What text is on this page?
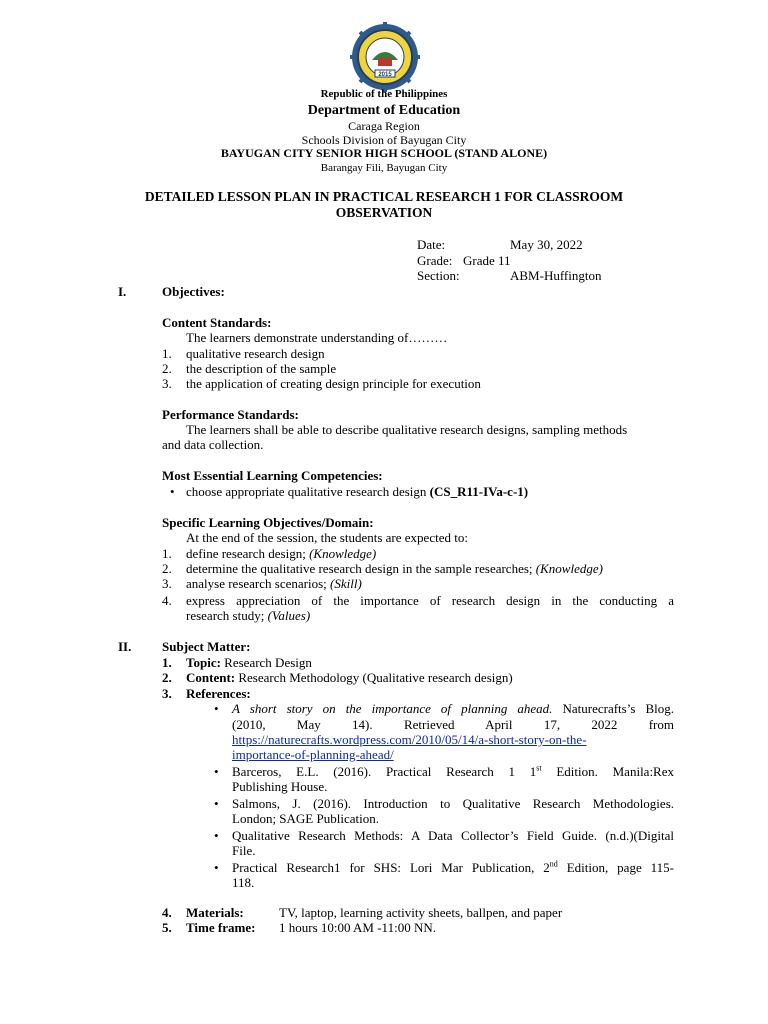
2015
Republic of the Philippines
Department of Education
Caraga Region
Schools Division of Bayugan City
BAYUGAN CITY SENIOR HIGH SCHOOL (STAND ALONE)
Barangay Fili, Bayugan City
DETAILED LESSON PLAN IN PRACTICAL RESEARCH 1 FOR CLASSROOM
OBSERVATION
Date:	May 30, 2022
Grade: Grade 11
Section:	ABM-Huffington
I.	Objectives:
Content Standards:
The learners demonstrate understanding of………
1. qualitative research design
2. the description of the sample
3. the application of creating design principle for execution
Performance Standards:
The learners shall be able to describe qualitative research designs, sampling methods
and data collection.
Most Essential Learning Competencies:
• choose appropriate qualitative research design (CS_R11-IVa-c-1)
Specific Learning Objectives/Domain:
At the end of the session, the students are expected to:
1. define research design; (Knowledge)
2. determine the qualitative research design in the sample researches; (Knowledge)
3. analyse research scenarios; (Skill)
4. express appreciation of the importance of research design in the conducting a
research study; (Values)
II. Subject Matter:
1. Topic: Research Design
2. Content: Research Methodology (Qualitative research design)
3. References:
• A short story on the importance of planning ahead. Naturecrafts’s Blog.
(2010, May 14). Retrieved April 17, 2022 from
https://naturecrafts.wordpress.com/2010/05/14/a-short-story-on-the-
importance-of-planning-ahead/
• Barceros, E.L. (2016). Practical Research 1 1st Edition. Manila:Rex
Publishing House.
• Salmons, J. (2016). Introduction to Qualitative Research Methodologies.
London; SAGE Publication.
• Qualitative Research Methods: A Data Collector’s Field Guide. (n.d.)(Digital
File.
• Practical Research1 for SHS: Lori Mar Publication, 2nd Edition, page 115-
118.
4. Materials:	TV, laptop, learning activity sheets, ballpen, and paper
5. Time frame: 1 hours 10:00 AM -11:00 NN.
